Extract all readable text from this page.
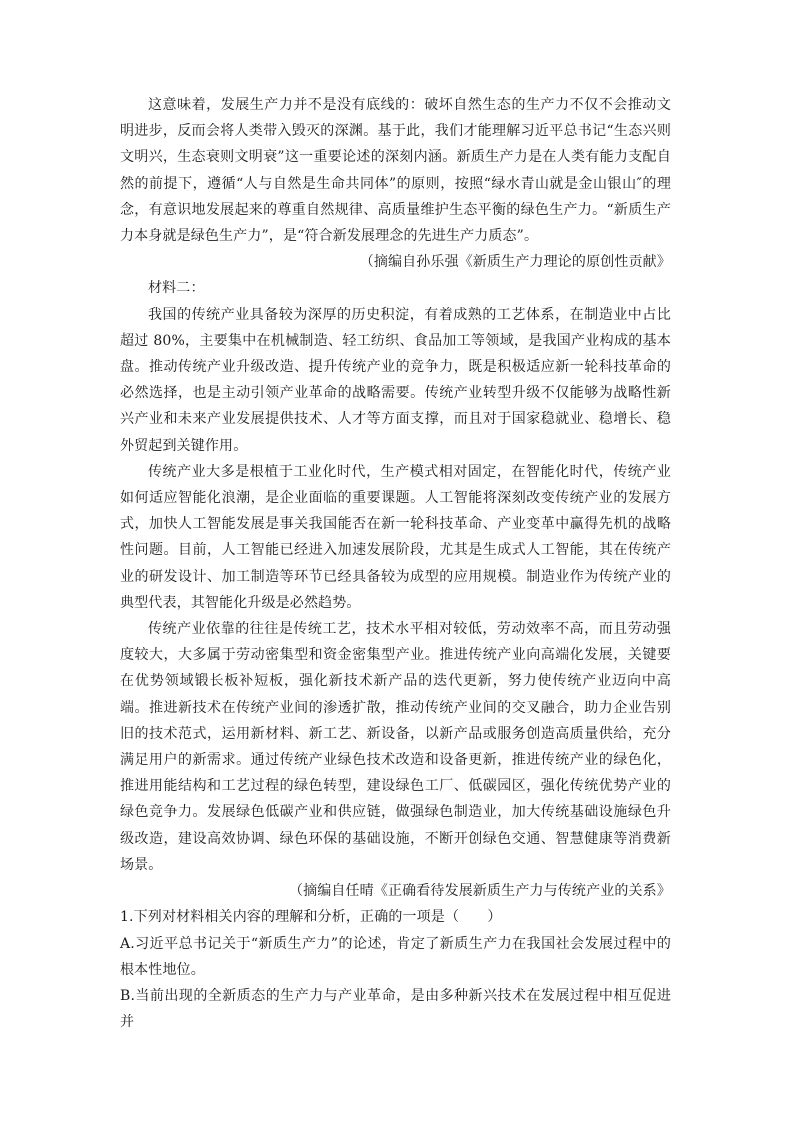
这意味着，发展生产力并不是没有底线的：破坏自然生态的生产力不仅不会推动文明进步，反而会将人类带入毁灭的深渊。基于此，我们才能理解习近平总书记“生态兴则文明兴，生态衰则文明衰”这一重要论述的深刻内涵。新质生产力是在人类有能力支配自然的前提下，遵循“人与自然是生命共同体”的原则，按照“绿水青山就是金山银山″的理念，有意识地发展起来的尊重自然规律、高质量维护生态平衡的绿色生产力。“新质生产力本身就是绿色生产力”，是“符合新发展理念的先进生产力质态”。

（摘编自孙乐强《新质生产力理论的原创性贡献》

材料二：

我国的传统产业具备较为深厚的历史积淀，有着成熟的工艺体系，在制造业中占比超过 80%，主要集中在机械制造、轻工纺织、食品加工等领域，是我国产业构成的基本盘。推动传统产业升级改造、提升传统产业的竞争力，既是积极适应新一轮科技革命的必然选择，也是主动引领产业革命的战略需要。传统产业转型升级不仅能够为战略性新兴产业和未来产业发展提供技术、人才等方面支撑，而且对于国家稳就业、稳增长、稳外贸起到关键作用。

传统产业大多是根植于工业化时代，生产模式相对固定，在智能化时代，传统产业如何适应智能化浪潮，是企业面临的重要课题。人工智能将深刻改变传统产业的发展方式，加快人工智能发展是事关我国能否在新一轮科技革命、产业变革中赢得先机的战略性问题。目前，人工智能已经进入加速发展阶段，尤其是生成式人工智能，其在传统产业的研发设计、加工制造等环节已经具备较为成型的应用规模。制造业作为传统产业的典型代表，其智能化升级是必然趋势。

传统产业依靠的往往是传统工艺，技术水平相对较低，劳动效率不高，而且劳动强度较大，大多属于劳动密集型和资金密集型产业。推进传统产业向高端化发展，关键要在优势领域锻长板补短板，强化新技术新产品的迭代更新，努力使传统产业迈向中高端。推进新技术在传统产业间的渗透扩散，推动传统产业间的交叉融合，助力企业告别旧的技术范式，运用新材料、新工艺、新设备，以新产品或服务创造高质量供给，充分满足用户的新需求。通过传统产业绿色技术改造和设备更新，推进传统产业的绿色化，推进用能结构和工艺过程的绿色转型，建设绿色工厂、低碳园区，强化传统优势产业的绿色竞争力。发展绿色低碳产业和供应链，做强绿色制造业，加大传统基础设施绿色升级改造，建设高效协调、绿色环保的基础设施，不断开创绿色交通、智慧健康等消费新场景。

（摘编自任晴《正确看待发展新质生产力与传统产业的关系》

1.下列对材料相关内容的理解和分析，正确的一项是（　　）

A.习近平总书记关于“新质生产力”的论述，肯定了新质生产力在我国社会发展过程中的根本性地位。

B.当前出现的全新质态的生产力与产业革命，是由多种新兴技术在发展过程中相互促进并
